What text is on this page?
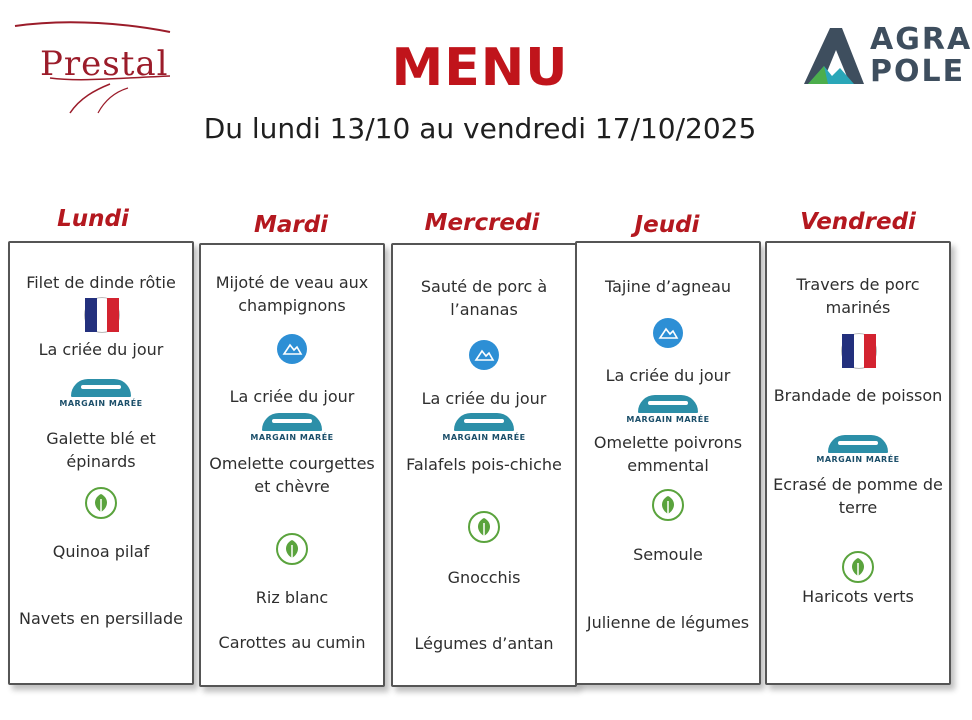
Prestal
AGRA
POLE
MENU
Du lundi 13/10 au vendredi 17/10/2025
Lundi	Mardi	Mercredi	Jeudi	Vendredi
Filet de dinde rôtie
La criée du jour
MARGAIN MARÉE
Galette blé et épinards
Quinoa pilaf
Navets en persillade
Mijoté de veau aux champignons
La criée du jour
MARGAIN MARÉE
Omelette courgettes et chèvre
Riz blanc
Carottes au cumin
Sauté de porc à l’ananas
La criée du jour
MARGAIN MARÉE
Falafels pois-chiche
Gnocchis
Légumes d’antan
Tajine d’agneau
La criée du jour
MARGAIN MARÉE
Omelette poivrons emmental
Semoule
Julienne de légumes
Travers de porc marinés
Brandade de poisson
MARGAIN MARÉE
Ecrasé de pomme de terre
Haricots verts
